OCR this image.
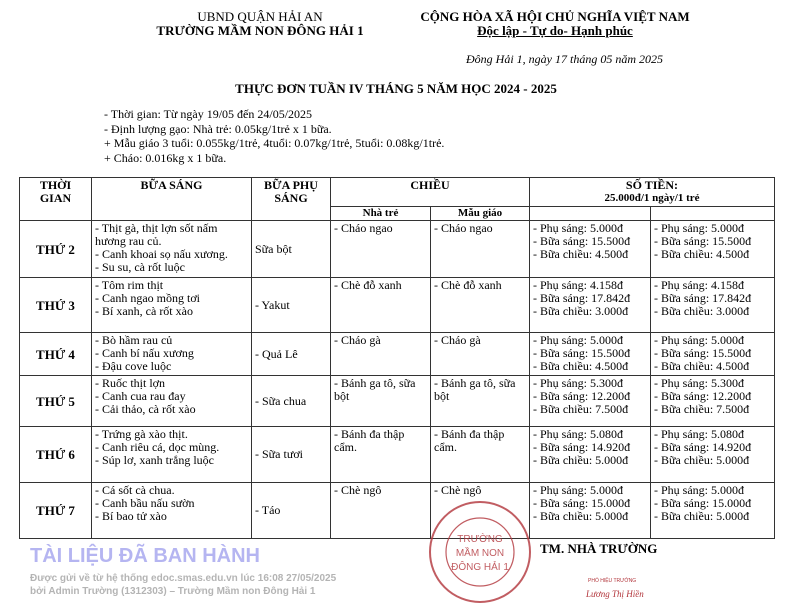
UBND QUẬN HẢI AN
TRƯỜNG MẦM NON ĐÔNG HẢI 1
CỘNG HÒA XÃ HỘI CHỦ NGHĨA VIỆT NAM
Độc lập - Tự do- Hạnh phúc
Đông Hải 1, ngày 17 tháng 05 năm 2025
THỰC ĐƠN TUẦN IV THÁNG 5 NĂM HỌC 2024 - 2025
- Thời gian: Từ ngày 19/05 đến 24/05/2025
- Định lượng gạo: Nhà trẻ: 0.05kg/1trẻ x 1 bữa.
+ Mẫu giáo 3 tuổi: 0.055kg/1trẻ, 4tuổi: 0.07kg/1trẻ, 5tuổi: 0.08kg/1trẻ.
+ Cháo: 0.016kg x 1 bữa.
THỜI GIAN	BỮA SÁNG	BỮA PHỤ SÁNG	CHIỀU		SỐ TIỀN:
25.000đ/1 ngày/1 trẻ	

			Nhà trẻ	Mẫu giáo		
THỨ 2	- Thịt gà, thịt lợn sốt nấm hương rau củ.
- Canh khoai sọ nấu xương.
- Su su, cà rốt luộc	Sữa bột	- Cháo ngao	- Cháo ngao	- Phụ sáng: 5.000đ
- Bữa sáng: 15.500đ
- Bữa chiều: 4.500đ	- Phụ sáng: 5.000đ
- Bữa sáng: 15.500đ
- Bữa chiều: 4.500đ

THỨ 3	- Tôm rim thịt
- Canh ngao mồng tơi
- Bí xanh, cà rốt xào	- Yakut	- Chè đỗ xanh	- Chè đỗ xanh	- Phụ sáng: 4.158đ
- Bữa sáng: 17.842đ
- Bữa chiều: 3.000đ	- Phụ sáng: 4.158đ
- Bữa sáng: 17.842đ
- Bữa chiều: 3.000đ

THỨ 4	- Bò hầm rau củ
- Canh bí nấu xương
- Đậu cove luộc	- Quả Lê	- Cháo gà	- Cháo gà	- Phụ sáng: 5.000đ
- Bữa sáng: 15.500đ
- Bữa chiều: 4.500đ	- Phụ sáng: 5.000đ
- Bữa sáng: 15.500đ
- Bữa chiều: 4.500đ

THỨ 5	- Ruốc thịt lợn
- Canh cua rau đay
- Cải thảo, cà rốt xào	- Sữa chua	- Bánh ga tô, sữa bột	- Bánh ga tô, sữa bột	- Phụ sáng: 5.300đ
- Bữa sáng: 12.200đ
- Bữa chiều: 7.500đ	- Phụ sáng: 5.300đ
- Bữa sáng: 12.200đ
- Bữa chiều: 7.500đ

THỨ 6	- Trứng gà xào thịt.
- Canh riêu cá, dọc mùng.
- Súp lơ, xanh trắng luộc	- Sữa tươi	- Bánh đa thập cẩm.	- Bánh đa thập cẩm.	- Phụ sáng: 5.080đ
- Bữa sáng: 14.920đ
- Bữa chiều: 5.000đ	- Phụ sáng: 5.080đ
- Bữa sáng: 14.920đ
- Bữa chiều: 5.000đ

THỨ 7	- Cá sốt cà chua.
- Canh bầu nấu sườn
- Bí bao tử xào	- Táo	- Chè ngô	- Chè ngô	- Phụ sáng: 5.000đ
- Bữa sáng: 15.000đ
- Bữa chiều: 5.000đ	- Phụ sáng: 5.000đ
- Bữa sáng: 15.000đ
- Bữa chiều: 5.000đ
TÀI LIỆU ĐÃ BAN HÀNH
Được gửi về từ hệ thống edoc.smas.edu.vn lúc 16:08 27/05/2025
bởi Admin Trường (1312303) – Trường Mầm non Đông Hải 1
TRƯỜNG
MẦM NON
ĐÔNG HẢI 1
TM. NHÀ TRƯỜNG
PHÓ HIỆU TRƯỞNG
Lương Thị Hiền
